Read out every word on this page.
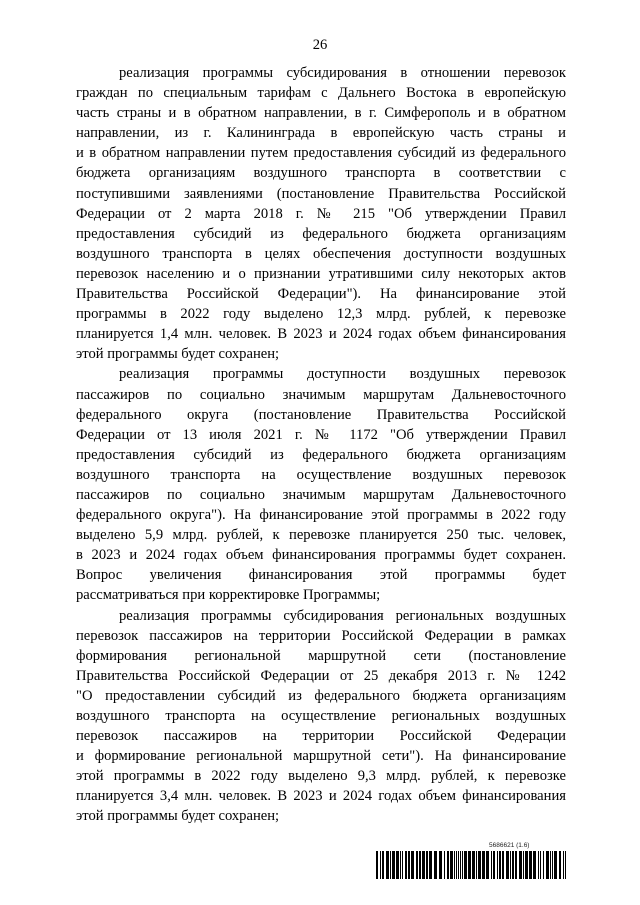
26
реализация программы субсидирования в отношении перевозок
граждан по специальным тарифам с Дальнего Востока в европейскую
часть страны и в обратном направлении, в г. Симферополь и в обратном
направлении, из г. Калининграда в европейскую часть страны и
и в обратном направлении путем предоставления субсидий из федерального
бюджета организациям воздушного транспорта в соответствии с
поступившими заявлениями (постановление Правительства Российской
Федерации от 2 марта 2018 г. № 215 "Об утверждении Правил
предоставления субсидий из федерального бюджета организациям
воздушного транспорта в целях обеспечения доступности воздушных
перевозок населению и о признании утратившими силу некоторых актов
Правительства Российской Федерации"). На финансирование этой
программы в 2022 году выделено 12,3 млрд. рублей, к перевозке
планируется 1,4 млн. человек. В 2023 и 2024 годах объем финансирования
этой программы будет сохранен;
реализация программы доступности воздушных перевозок
пассажиров по социально значимым маршрутам Дальневосточного
федерального округа (постановление Правительства Российской
Федерации от 13 июля 2021 г. № 1172 "Об утверждении Правил
предоставления субсидий из федерального бюджета организациям
воздушного транспорта на осуществление воздушных перевозок
пассажиров по социально значимым маршрутам Дальневосточного
федерального округа"). На финансирование этой программы в 2022 году
выделено 5,9 млрд. рублей, к перевозке планируется 250 тыс. человек,
в 2023 и 2024 годах объем финансирования программы будет сохранен.
Вопрос увеличения финансирования этой программы будет
рассматриваться при корректировке Программы;
реализация программы субсидирования региональных воздушных
перевозок пассажиров на территории Российской Федерации в рамках
формирования региональной маршрутной сети (постановление
Правительства Российской Федерации от 25 декабря 2013 г. № 1242
"О предоставлении субсидий из федерального бюджета организациям
воздушного транспорта на осуществление региональных воздушных
перевозок пассажиров на территории Российской Федерации
и формирование региональной маршрутной сети"). На финансирование
этой программы в 2022 году выделено 9,3 млрд. рублей, к перевозке
планируется 3,4 млн. человек. В 2023 и 2024 годах объем финансирования
этой программы будет сохранен;
5686621 (1.6)
